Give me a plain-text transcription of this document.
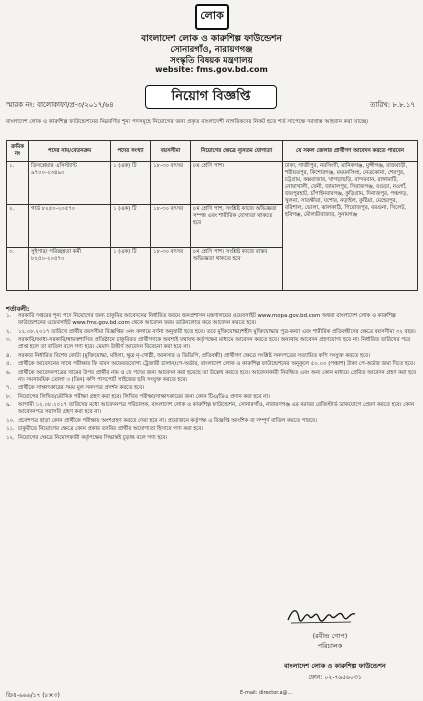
লোক
বাংলাদেশ লোক ও কারুশিল্প ফাউন্ডেশন
সোনারগাঁও, নারায়ণগঞ্জ
সংস্কৃতি বিষয়ক মন্ত্রণালয়
website: fms.gov.bd.com
নিয়োগ বিজ্ঞপ্তি
স্মারক নং: বালোকাফা/প্র-৩/২০১৭/৬৪	তারিখ: ৮.৮.১৭
বাংলাদেশ লোক ও কারুশিল্প ফাউন্ডেশনের নিম্নবর্ণিত শূন্য পদসমূহে নিয়োগের জন্য প্রকৃত বাংলাদেশী নাগরিকদের নিকট হতে শর্ত সাপেক্ষে দরখাস্ত আহবান করা যাচ্ছে।
ক্রমিক নং	পদের নাম/বেতনক্রম	পদের সংখ্যা	বয়সসীমা	নিয়োগের ক্ষেত্রে ন্যূনতম যোগ্যতা	যে সকল জেলার প্রার্থীগণ আবেদন করতে পারবেন
১.	ডিসপ্লেয়ার এসিস্ট্যান্ট ৯৭০০-২৩৪৯০	১ (এক) টি	১৮-৩০ বৎসর	৮ম শ্রেণি পাশ।	ঢাকা, গাজীপুর, নরসিংদী, মানিকগঞ্জ, মুন্সীগঞ্জ, রাজবাড়ী, শরীয়তপুর, কিশোরগঞ্জ, ময়মনসিংহ, নেত্রকোনা, শেরপুর, চট্টগ্রাম, কক্সবাজার, খাগড়াছড়ি, বান্দরবান, রাঙ্গামাটি, নোয়াখালী, ফেনী, জামালপুর, সিরাজগঞ্জ, বগুড়া, নওগাঁ, জয়পুরহাট, চাঁপাইনবাবগঞ্জ, কুড়িগ্রাম, দিনাজপুর, পঞ্চগড়, খুলনা, সাতক্ষীরা, যশোর, নড়াইল, কুষ্টিয়া, মেহেরপুর, বরিশাল, ভোলা, ঝালকাঠি, পিরোজপুর, বরগুনা, সিলেট, হবিগঞ্জ, মৌলভীবাজার, সুনামগঞ্জ
২.	গার্ড ৮২৫০-২০৫৭০	১ (এক) টি	১৮-৩০ বৎসর	৮ম শ্রেণি পাশ, সংশ্লিষ্ট কাজে অভিজ্ঞতা সম্পন্ন এবং শারীরিক যোগ্যতা থাকতে হবে	
৩.	সুইপার/ পরিচ্ছন্নতা কর্মী ৮২৫০-২০৫৭০	১ (এক) টি	১৮-৩০ বৎসর	৮ম শ্রেণি পাশ। সংশ্লিষ্ট কাজে বাস্তব অভিজ্ঞতা থাকতে হবে	
শর্তাবলী:
১.	সরকারি দপ্তরের শূন্য পদে নিয়োগের জন্য চাকুরির আবেদনের নির্ধারিত ফরমে জনপ্রশাসন মন্ত্রণালয়ের ওয়েবসাইট www.mopa.gov.bd.com অথবা বাংলাদেশ লোক ও কারুশিল্প ফাউন্ডেশনের ওয়েবসাইট www.fms.gov.bd.com থেকে আবেদন ফরম ডাউনলোড করে আবেদন করতে হবে।
২.	১২.০৮.২০১৭ তারিখে প্রার্থীর বয়সসীমা বিজ্ঞপ্তির ৩নং কলামে বর্ণনা অনুযায়ী হতে হবে। তবে মুক্তিযোদ্ধা/শহীদ মুক্তিযোদ্ধার পুত্র-কন্যা এবং শারীরিক প্রতিবন্ধীদের ক্ষেত্রে বয়সসীমা ৩২ বছর।
৩.	সরকারি/আধা-সরকারি/স্বায়ত্তশাসিত প্রতিষ্ঠানে চাকুরিরত প্রার্থীগণকে অবশ্যই যথাযথ কর্তৃপক্ষের মাধ্যমে আবেদন করতে হবে। অন্যথায় আবেদন গ্রহণযোগ্য হবে না। নির্ধারিত তারিখের পরে প্রাপ্ত হলে তা বাতিল বলে গণ্য হবে। মেয়াদ উত্তীর্ণ আবেদন বিবেচনা করা হবে না।
৪.	সরকার নির্ধারিত বিশেষ কোটা (মুক্তিযোদ্ধা, মহিলা, ক্ষুদ্র নৃ-গোষ্ঠী, আনসার ও ভিডিপি, প্রতিবন্ধী) প্রার্থীগণ ক্ষেত্রে সংশ্লিষ্ট সনদপত্রের সত্যায়িত কপি সংযুক্ত করতে হবে।
৫.	প্রার্থীকে আবেদনের সাথে পরীক্ষার ফি বাবদ অফেরতযোগ্য ট্রেজারী চালান/পে-অর্ডার, বাংলাদেশ লোক ও কারুশিল্প ফাউন্ডেশনের অনুকূলে ৫০.০০ (পঞ্চাশ) টাকা পে-অর্ডার জমা দিতে হবে।
৬.	প্রার্থীকে আবেদনপত্রের খামের উপর প্রার্থীর নাম ও যে পদের জন্য আবেদন করা হয়েছে তা উল্লেখ করতে হবে। আবেদনকারী নিবন্ধিত এবং অন্য কোন মাধ্যমে প্রেরিত আবেদন গ্রহণ করা হবে না। সমসাময়িক তোলা ৩ (তিন) কপি পাসপোর্ট সাইজের ছবি সংযুক্ত করতে হবে।
৭.	প্রার্থীকে সাক্ষাৎকারের সময় মূল সনদপত্র প্রদর্শন করতে হবে।
৮.	নিয়োগের লিখিত/মৌখিক পরীক্ষা গ্রহণ করা হবে। লিখিত পরীক্ষা/সাক্ষাৎকারের জন্য কোন টিএ/ডিএ প্রদান করা হবে না।
৯.	আগামী ১২.০৮.২০১৭ তারিখের মধ্যে আবেদনপত্র পরিচালক, বাংলাদেশ লোক ও কারুশিল্প ফাউন্ডেশন, সোনারগাঁও, নারায়ণগঞ্জ এর বরাবর রেজিস্টার্ড ডাকযোগে প্রেরণ করতে হবে। কোন আবেদনপত্র সরাসরি গ্রহণ করা হবে না।
১০. প্রবেশপত্র ছাড়া কোন প্রার্থীকে পরীক্ষায় অংশগ্রহণ করতে দেয়া হবে না। প্রয়োজনে কর্তৃপক্ষ এ বিজ্ঞপ্তি আংশিক বা সম্পূর্ণ বাতিল করতে পারবে।
১১. চাকুরীতে নিয়োগের ক্ষেত্রে কোন প্রকার তদবির প্রার্থীর অযোগ্যতা হিসাবে গণ্য করা হবে।
১২. নিয়োগের ক্ষেত্রে নিয়োগকারী কর্তৃপক্ষের সিদ্ধান্তই চূড়ান্ত বলে গণ্য হবে।
(রবীন্দ্র গোপ)
পরিচালক
বাংলাদেশ লোক ও কারুশিল্প ফাউন্ডেশন
ফোন: ০২-৭৬৫৬০৩১
ডিএ-৬৬৬/১৭ (৮×৩)	E-mail: director.a@...
